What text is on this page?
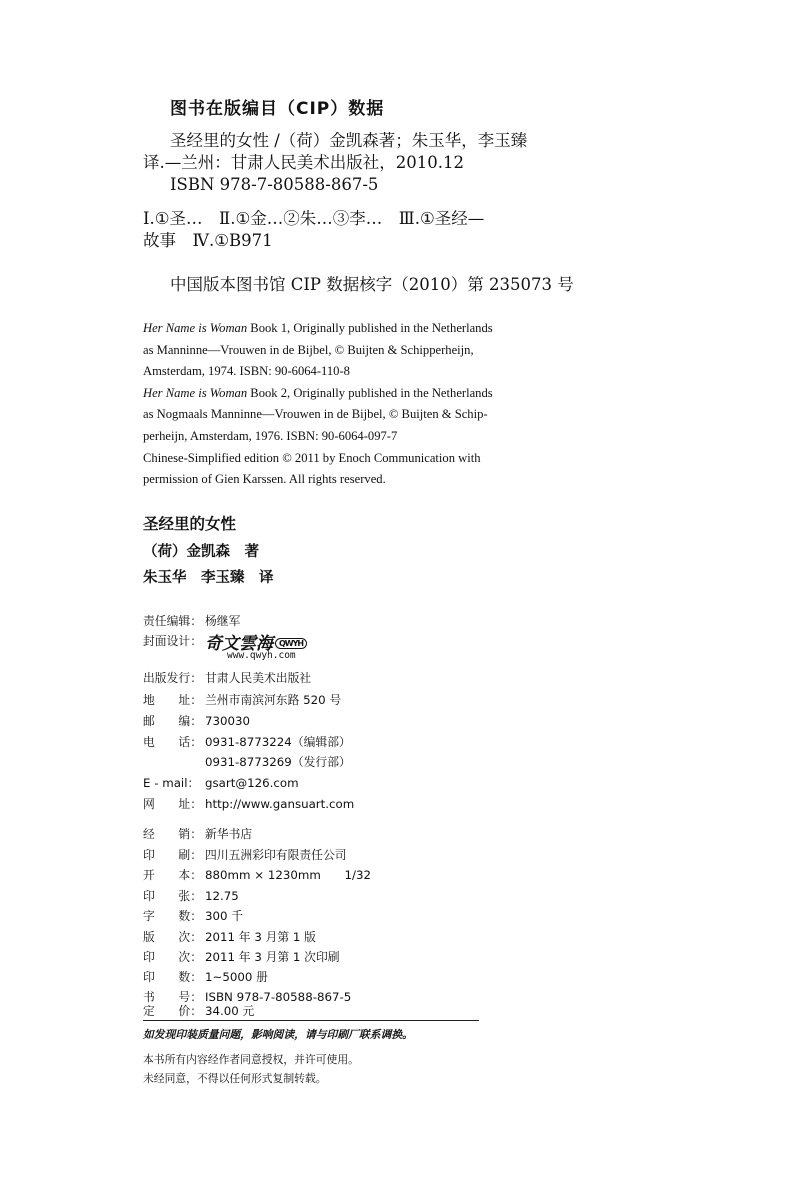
图书在版编目（CIP）数据
圣经里的女性 /（荷）金凯森著；朱玉华，李玉臻
译.—兰州：甘肃人民美术出版社，2010.12
ISBN 978-7-80588-867-5
Ⅰ.①圣…　Ⅱ.①金…②朱…③李…　Ⅲ.①圣经—
故事　Ⅳ.①B971
中国版本图书馆 CIP 数据核字（2010）第 235073 号
Her Name is Woman Book 1, Originally published in the Netherlands
as Manninne—Vrouwen in de Bijbel, © Buijten & Schipperheijn,
Amsterdam, 1974. ISBN: 90-6064-110-8
Her Name is Woman Book 2, Originally published in the Netherlands
as Nogmaals Manninne—Vrouwen in de Bijbel, © Buijten & Schip-
perheijn, Amsterdam, 1976. ISBN: 90-6064-097-7
Chinese-Simplified edition © 2011 by Enoch Communication with
permission of Gien Karssen. All rights reserved.
圣经里的女性
（荷）金凯森　著
朱玉华　李玉臻　译
责任编辑： 杨继军
封面设计： 奇文雲海 QWYH
www.qwyh.com
出版发行： 甘肃人民美术出版社
地　　址： 兰州市南滨河东路 520 号
邮　　编： 730030
电　　话： 0931-8773224（编辑部）
0931-8773269（发行部）
E - mail： gsart@126.com
网　　址： http://www.gansuart.com
经　　销： 新华书店
印　　刷： 四川五洲彩印有限责任公司
开　　本： 880mm × 1230mm　　1/32
印　　张： 12.75
字　　数： 300 千
版　　次： 2011 年 3 月第 1 版
印　　次： 2011 年 3 月第 1 次印刷
印　　数： 1~5000 册
书　　号： ISBN 978-7-80588-867-5
定　　价： 34.00 元
如发现印装质量问题，影响阅读，请与印刷厂联系调换。
本书所有内容经作者同意授权，并许可使用。
未经同意，不得以任何形式复制转载。
